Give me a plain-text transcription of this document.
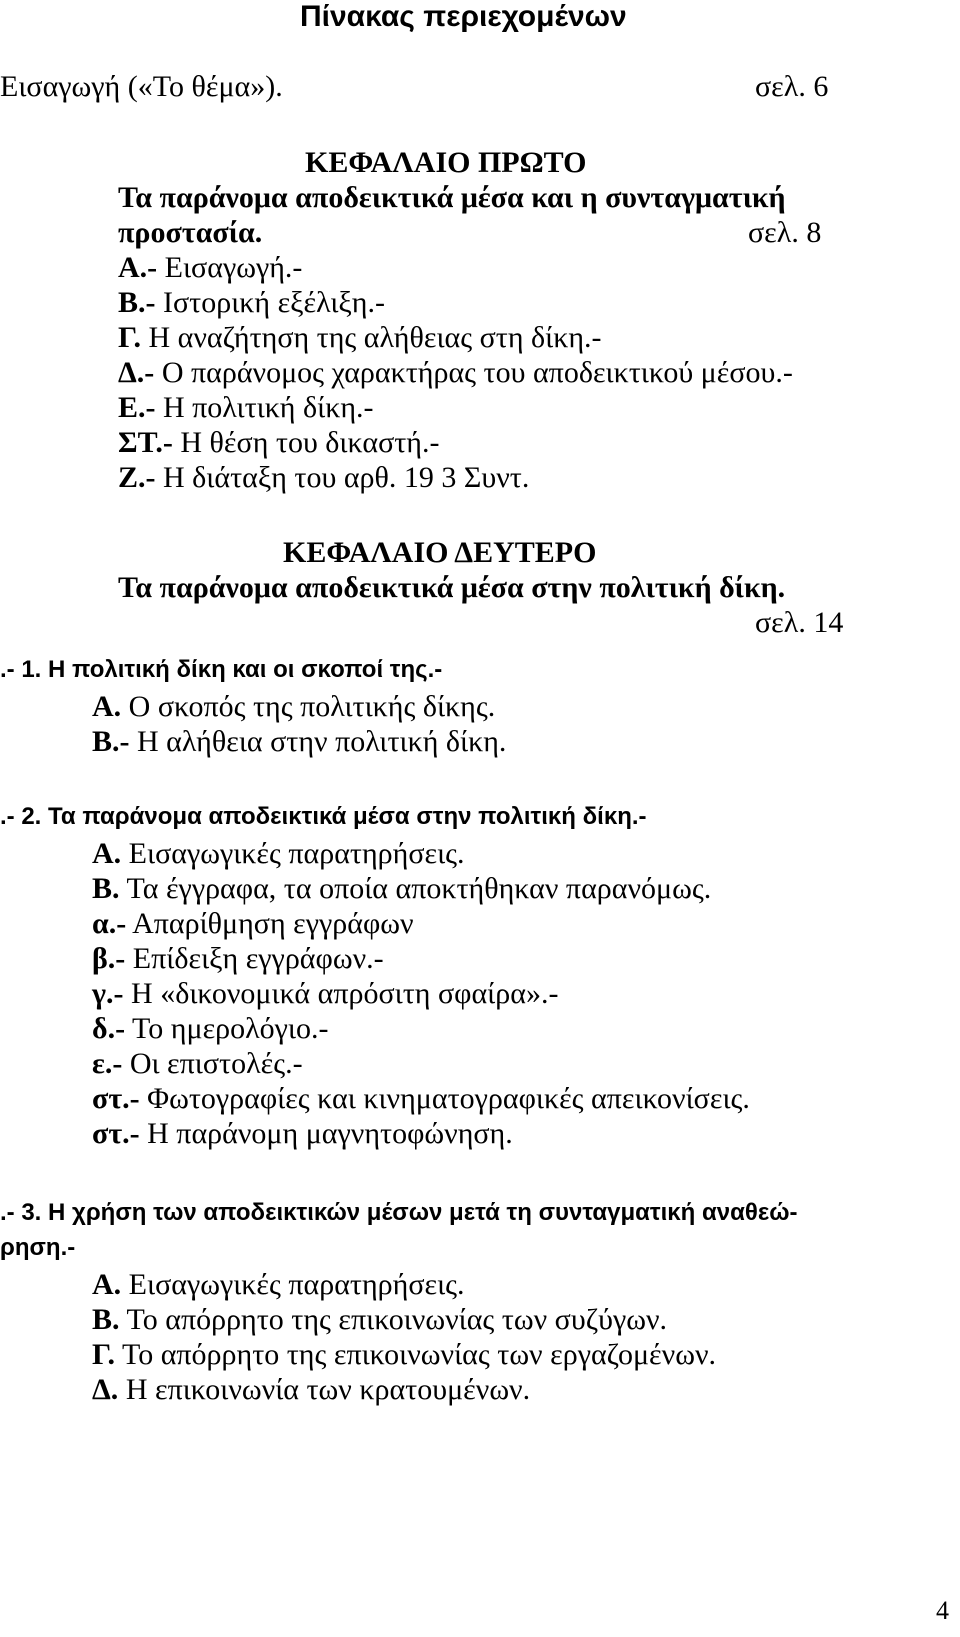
Πίνακας περιεχομένων
Εισαγωγή («Το θέμα»).	σελ. 6
ΚΕΦΑΛΑΙΟ ΠΡΩΤΟ
Τα παράνομα αποδεικτικά μέσα και η συνταγματική
προστασία.	σελ. 8
Α.- Εισαγωγή.-
Β.- Ιστορική εξέλιξη.-
Γ. Η αναζήτηση της αλήθειας στη δίκη.-
Δ.- Ο παράνομος χαρακτήρας του αποδεικτικού μέσου.-
Ε.- Η πολιτική δίκη.-
ΣΤ.- Η θέση του δικαστή.-
Ζ.- Η διάταξη του αρθ. 19 3 Συντ.
ΚΕΦΑΛΑΙΟ ΔΕΥΤΕΡΟ
Τα παράνομα αποδεικτικά μέσα στην πολιτική δίκη.
σελ. 14
.- 1. Η πολιτική δίκη και οι σκοποί της.-
Α. Ο σκοπός της πολιτικής δίκης.
Β.- Η αλήθεια στην πολιτική δίκη.
.- 2. Τα παράνομα αποδεικτικά μέσα στην πολιτική δίκη.-
Α. Εισαγωγικές παρατηρήσεις.
Β. Τα έγγραφα, τα οποία αποκτήθηκαν παρανόμως.
α.- Απαρίθμηση εγγράφων
β.- Επίδειξη εγγράφων.-
γ.- Η «δικονομικά απρόσιτη σφαίρα».-
δ.- Το ημερολόγιο.-
ε.- Οι επιστολές.-
στ.- Φωτογραφίες και κινηματογραφικές απεικονίσεις.
στ.- Η παράνομη μαγνητοφώνηση.
.- 3. Η χρήση των αποδεικτικών μέσων μετά τη συνταγματική αναθεώ-
ρηση.-
Α. Εισαγωγικές παρατηρήσεις.
Β. Το απόρρητο της επικοινωνίας των συζύγων.
Γ. Το απόρρητο της επικοινωνίας των εργαζομένων.
Δ. Η επικοινωνία των κρατουμένων.
4
